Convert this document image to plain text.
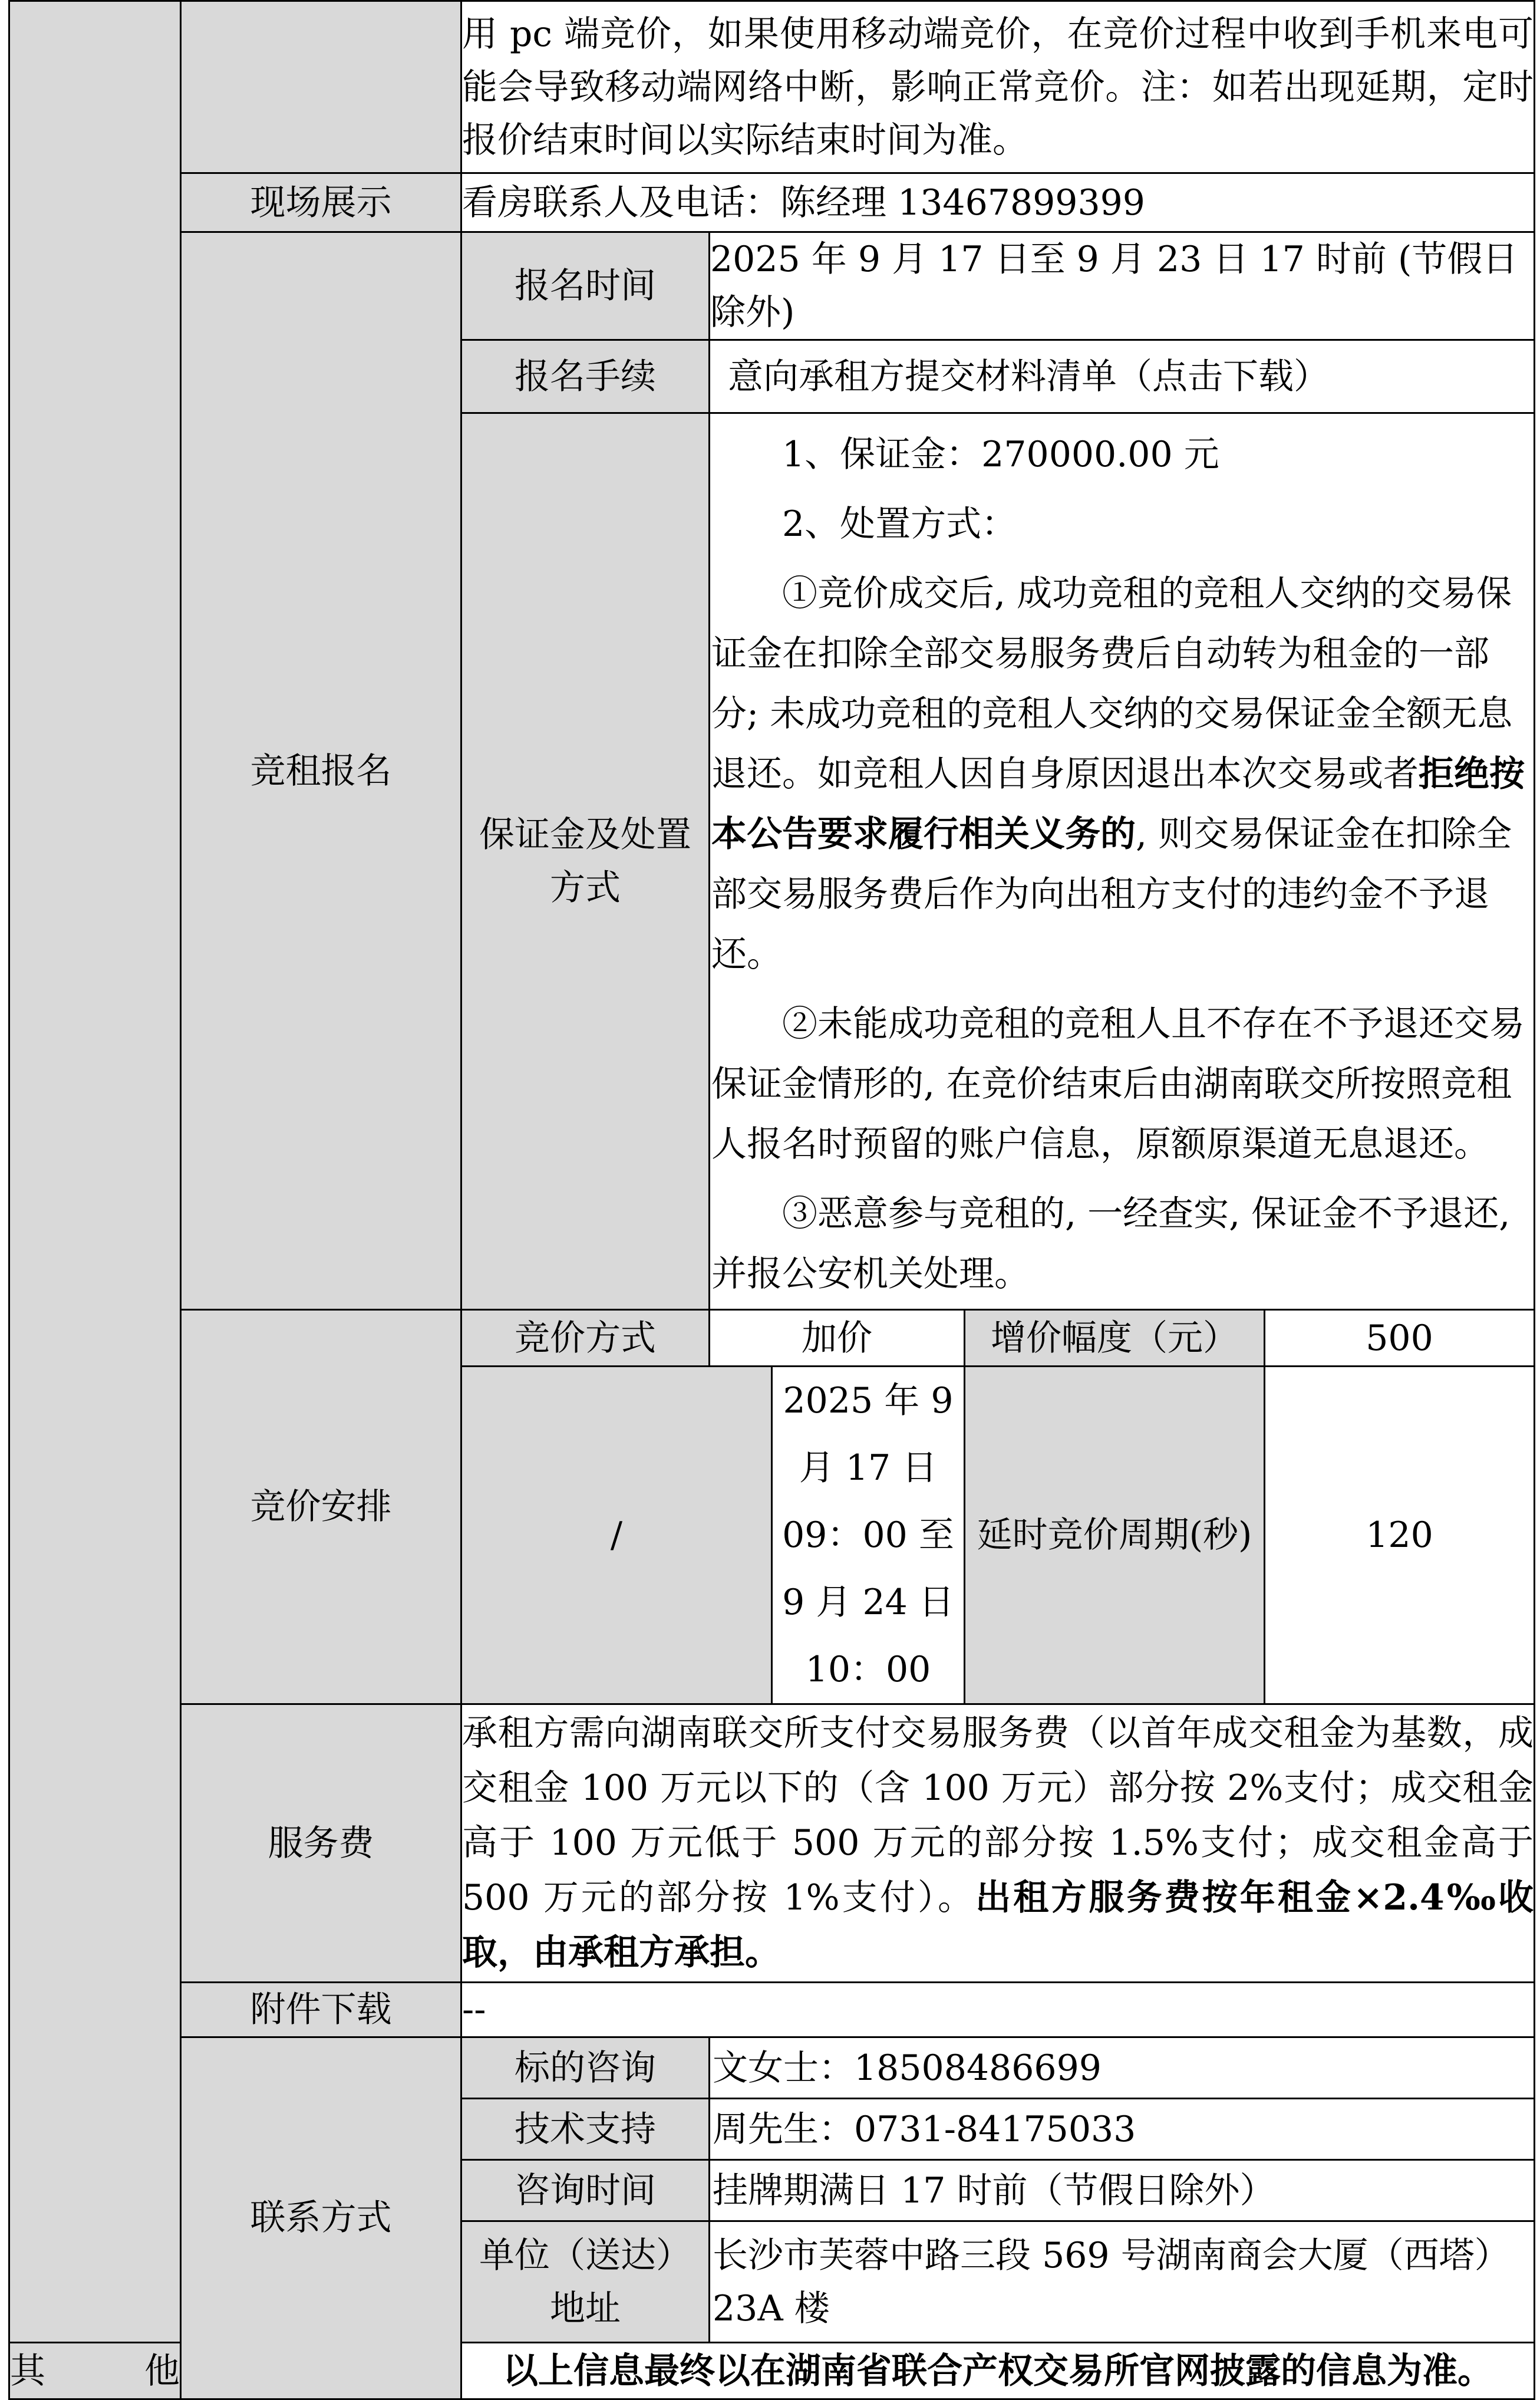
		用 pc 端竞价，如果使用移动端竞价，在竞价过程中收到手机来电可能会导致移动端网络中断，影响正常竞价。注：如若出现延期，定时报价结束时间以实际结束时间为准。				
	现场展示	看房联系人及电话：陈经理 13467899399				
	竞租报名	报名时间	2025 年 9 月 17 日至 9 月 23 日 17 时前 (节假日除外)			
		报名手续	意向承租方提交材料清单（点击下载）			
		保证金及处置方式	1、保证金：270000.00 元

2、处置方式：

①竞价成交后, 成功竞租的竞租人交纳的交易保证金在扣除全部交易服务费后自动转为租金的一部分; 未成功竞租的竞租人交纳的交易保证金全额无息退还。如竞租人因自身原因退出本次交易或者拒绝按本公告要求履行相关义务的, 则交易保证金在扣除全部交易服务费后作为向出租方支付的违约金不予退还。

②未能成功竞租的竞租人且不存在不予退还交易保证金情形的, 在竞价结束后由湖南联交所按照竞租人报名时预留的账户信息，原额原渠道无息退还。

③恶意参与竞租的, 一经查实, 保证金不予退还, 并报公安机关处理。			

	竞价安排	竞价方式	加价		增价幅度（元）	500
		/		2025 年 9 月 17 日 09：00 至 9 月 24 日 10：00	延时竞价周期(秒)	120
	服务费	承租方需向湖南联交所支付交易服务费（以首年成交租金为基数，成交租金 100 万元以下的（含 100 万元）部分按 2%支付；成交租金高于 100 万元低于 500 万元的部分按 1.5%支付；成交租金高于 500 万元的部分按 1%支付）。出租方服务费按年租金×2.4‰收取，由承租方承担。				
	附件下载	--				
	联系方式	标的咨询	文女士：18508486699			
		技术支持	周先生：0731-84175033			
		咨询时间	挂牌期满日 17 时前（节假日除外）			
		单位（送达）地址	长沙市芙蓉中路三段 569 号湖南商会大厦（西塔）23A 楼			
其 他		以上信息最终以在湖南省联合产权交易所官网披露的信息为准。				
